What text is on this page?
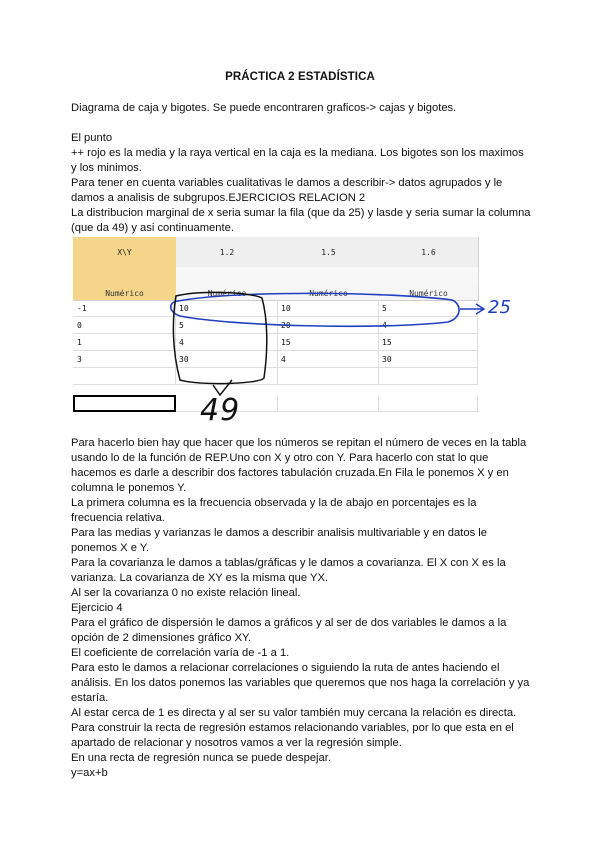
PRÁCTICA 2 ESTADÍSTICA

Diagrama de caja y bigotes. Se puede encontraren graficos-> cajas y bigotes.

El punto
++ rojo es la media y la raya vertical en la caja es la mediana. Los bigotes son los maximos y los minimos.
Para tener en cuenta variables cualitativas le damos a describir-> datos agrupados y le damos a analisis de subgrupos.EJERCICIOS RELACION 2
La distribucion marginal de x seria sumar la fila (que da 25) y lasde y seria sumar la columna (que da 49) y asi continuamente.

X\Y	1.2	1.5	1.6
Numérico	Numérico	Numérico	Numérico
-1	10	10	5
0	5	20	4
1	4	15	15
3	30	4	30
25
49

Para hacerlo bien hay que hacer que los números se repitan el número de veces en la tabla usando lo de la función de REP.Uno con X y otro con Y. Para hacerlo con stat lo que hacemos es darle a describir dos factores tabulación cruzada.En Fila le ponemos X y en columna le ponemos Y.
La primera columna es la frecuencia observada y la de abajo en porcentajes es la frecuencia relativa.
Para las medias y varianzas le damos a describir analisis multivariable y en datos le ponemos X e Y.
Para la covarianza le damos a tablas/gráficas y le damos a covarianza. El X con X es la varianza. La covarianza de XY es la misma que YX.
Al ser la covarianza 0 no existe relación lineal.
Ejercicio 4
Para el gráfico de dispersión le damos a gráficos y al ser de dos variables le damos a la opción de 2 dimensiones gráfico XY.
El coeficiente de correlación varía de -1 a 1.
Para esto le damos a relacionar correlaciones o siguiendo la ruta de antes haciendo el análisis. En los datos ponemos las variables que queremos que nos haga la correlación y ya estaría.
Al estar cerca de 1 es directa y al ser su valor también muy cercana la relación es directa.
Para construir la recta de regresión estamos relacionando variables, por lo que esta en el apartado de relacionar y nosotros vamos a ver la regresión simple.
En una recta de regresión nunca se puede despejar.
y=ax+b
